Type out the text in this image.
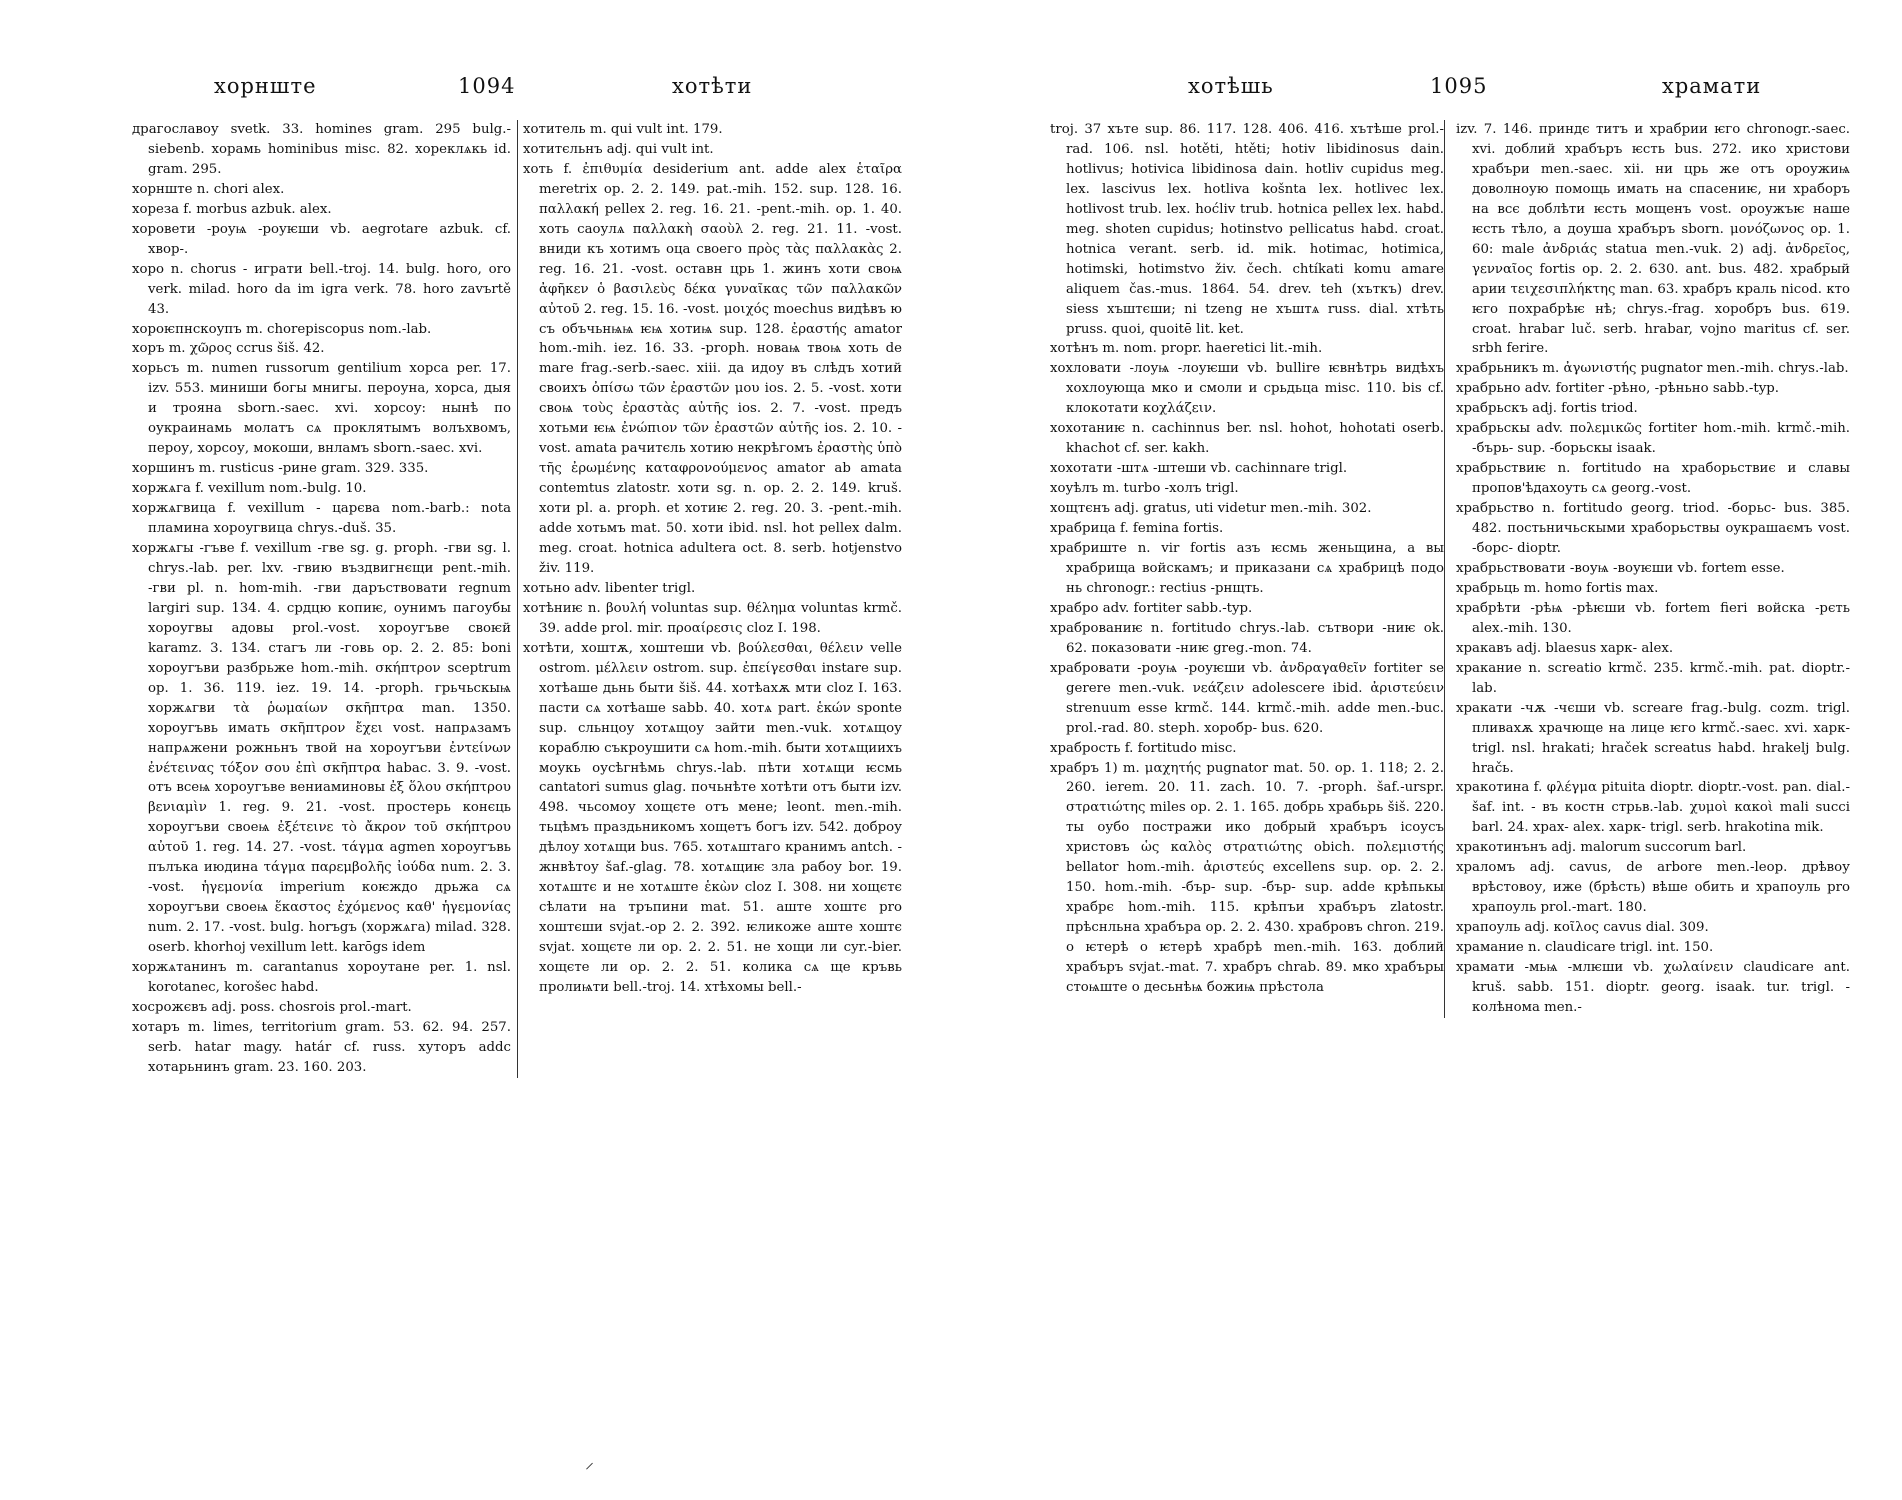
хорнште	1094	хотѣти

драгославоу svetk. 33. homines gram. 295 bulg.-siebenb. хорамь hominibus misc. 82. хореклѧкь id. gram. 295.

хорнште n. chori alex.

хореза f. morbus azbuk. alex.

хоровети -роуѩ -роуѥши vb. aegrotare azbuk. cf. хвор-.

хоро n. chorus - играти bell.-troj. 14. bulg. horo, oro verk. milad. horo da im igra verk. 78. horo zavъrtě 43.

хороѥпнскоупъ m. chorepiscopus nom.-lab.

хоръ m. χῶρος ccrus šiš. 42.

хорьсъ m. numen russorum gentilium хорса per. 17. izv. 553. миниши богы мнигы. пероуна, хорса, дыя и трояна sborn.-saec. xvi. хорсоу: нынѣ по оукраинамь молатъ сѧ проклятымъ волъхвомъ, пероу, хорсоу, мокоши, внламъ sborn.-saec. xvi.

хоршинъ m. rusticus -рине gram. 329. 335.

хоржѧга f. vexillum nom.-bulg. 10.

хоржѧгвица f. vexillum - царєва nom.-barb.: nota пламина хороугвица chrys.-duš. 35.

хоржѧгы -гъве f. vexillum -гве sg. g. proph. -гви sg. l. chrys.-lab. per. lxv. -гвию въздвигнєщи pent.-mih. -гви pl. n. hom-mih. -гви даръствовати regnum largiri sup. 134. 4. срдцю копиѥ, оунимъ пагоубы хороугвы адовы prol.-vost. хороугъве своѥй karamz. 3. 134. стагъ ли -говь op. 2. 2. 85: boni хороугъви разбрьже hom.-mih. σκήπτρον sceptrum op. 1. 36. 119. iez. 19. 14. -proph. грьчьскыѩ хоржѧгви τὰ ῥωμαίων σκῆπτρα man. 1350. хороугъвь имать σκῆπτρον ἔχει vost. напрѧзамъ напрѧжени рожньнъ твой на хороугъви ἐντείνων ἐνέτεινας τόξον σου ἐπὶ σκῆπτρα habac. 3. 9. -vost. отъ всеѩ хороугъве вениаминовы ἐξ ὅλου σκήπτρου βενιαμὶν 1. reg. 9. 21. -vost. простерь конєць хороугъви своеѩ ἐξέτεινε τὸ ἄκρον τοῦ σκήπτρου αὐτοῦ 1. reg. 14. 27. -vost. τάγμα agmen хороугъвь пълъка июдина τάγμα παρεμβολῆς ἰούδα num. 2. 3. -vost. ἡγεμονία imperium коѥждо дрьжа сѧ хороугъви своеѩ ἕκαστος ἐχόμενος καθ' ἡγεμονίας num. 2. 17. -vost. bulg. horъgъ (хоржѧга) milad. 328. oserb. khorhoj vexillum lett. karōgs idem

хоржѧтанинъ m. carantanus хороутане per. 1. nsl. korotanec, korošec habd.

хосрожєвъ adj. poss. chosrois prol.-mart.

хотаръ m. limes, territorium gram. 53. 62. 94. 257. serb. hatar magy. határ cf. russ. хуторъ addc хотарьнинъ gram. 23. 160. 203.

хотитель m. qui vult int. 179.

хотитєльнъ adj. qui vult int.

хоть f. ἐπιθυμία desiderium ant. adde alex ἑταῖρα meretrix op. 2. 2. 149. pat.-mih. 152. sup. 128. 16. παλλακή pellex 2. reg. 16. 21. -pent.-mih. op. 1. 40. хоть саоулѧ παλλακὴ σαοὺλ 2. reg. 21. 11. -vost. вниди къ хотимъ оца своего πρὸς τὰς παλλακὰς 2. reg. 16. 21. -vost. оставн црь 1. жинъ хоти своѩ ἀφῆκεν ὁ βασιλεὺς δέκα γυναῖκας τῶν παλλακῶν αὐτοῦ 2. reg. 15. 16. -vost. μοιχός moechus видѣвъ ю съ объчьнѩѩ ѥѩ хотиѩ sup. 128. ἐραστής amator hom.-mih. iez. 16. 33. -proph. новаѩ твоѩ хоть de mare frag.-serb.-saec. xiii. да идоу въ слѣдъ хотий своихъ ὀπίσω τῶν ἐραστῶν μου ios. 2. 5. -vost. хоти своѩ τοὺς ἐραστὰς αὐτῆς ios. 2. 7. -vost. предъ хотьми ѥѩ ἐνώπιον τῶν ἐραστῶν αὐτῆς ios. 2. 10. -vost. amata рачитєль хотию некрѣгомъ ἐραστὴς ὑπὸ τῆς ἐρωμένης καταφρονούμενος amator ab amata contemtus zlatostr. хоти sg. n. op. 2. 2. 149. kruš. хоти pl. a. proph. et хотиѥ 2. reg. 20. 3. -pent.-mih. adde хотьмъ mat. 50. хоти ibid. nsl. hot pellex dalm. meg. croat. hotnica adultera oct. 8. serb. hotjenstvo živ. 119.

хотьно adv. libenter trigl.

хотѣниѥ n. βουλή voluntas sup. θέλημα voluntas krmč. 39. adde prol. mir. προαίρεσις cloz I. 198.

хотѣти, хоштѫ, хоштеши vb. βούλεσθαι, θέλειν velle ostrom. μέλλειν ostrom. sup. ἐπείγεσθαι instare sup. хотѣаше дьнь быти šiš. 44. хотѣахѫ мти cloz I. 163. пасти сѧ хотѣаше sabb. 40. хотѧ part. ἑκών sponte sup. сльнцоу хотѧщоу зайти men.-vuk. хотѧщоу кораблю съкроушити сѧ hom.-mih. быти хотѧщиихъ моукь оусѣгнѣмь chrys.-lab. пѣти хотѧщи ѥсмь cantatori sumus glag. почьнѣте хотѣти отъ быти izv. 498. чьсомоу хощєте отъ мене; leont. men.-mih. тьцѣмъ праздьникомъ хощетъ богъ izv. 542. доброу дѣлоу хотѧщи bus. 765. хотѧштаго кранимъ antch. - жнвѣтоу šaf.-glag. 78. хотѧщиѥ зла рабоу bor. 19. хотѧштє и не хотѧште ἑκὼν cloz I. 308. ни хощєтє сѣлати на тръпини mat. 51. аште хоштє pro хоштєши svjat.-op 2. 2. 392. ѥликоже аште хоштє svjat. хощєте ли op. 2. 2. 51. не хощи ли cyr.-bier. хощєте ли op. 2. 2. 51. колика сѧ ще кръвь пролиѩти bell.-troj. 14. хтѣхомы bell.-

хотѣшь	1095	храмати

troj. 37 хъте sup. 86. 117. 128. 406. 416. хътѣше prol.-rad. 106. nsl. hotěti, htěti; hotiv libidinosus dain. hotlivus; hotivica libidinosa dain. hotliv cupidus meg. lex. lascivus lex. hotliva košnta lex. hotlivec lex. hotlivost trub. lex. hoćliv trub. hotnica pellex lex. habd. meg. shoten cupidus; hotinstvo pellicatus habd. croat. hotnica verant. serb. id. mik. hotimac, hotimica, hotimski, hotimstvo živ. čech. chtíkati komu amare aliquem čas.-mus. 1864. 54. drev. teh (хъткъ) drev. siess хъштєши; ni tzeng не хъштѧ russ. dial. хтѣть pruss. quoi, quoitē lit. ket.

хотѣнъ m. nom. propr. haeretici lit.-mih.

хохловати -лоуѩ -лоуѥши vb. bullire ѥвнѣтрь видѣхъ хохлоующа мко и смоли и срьдьца misc. 110. bis cf. клокотати κοχλάζειν.

хохотаниѥ n. cachinnus ber. nsl. hohot, hohotati oserb. khachot cf. ser. kakh.

хохотати -штѧ -штеши vb. cachinnare trigl.

хоуѣлъ m. turbo -холъ trigl.

хощтєнъ adj. gratus, uti videtur men.-mih. 302.

храбрица f. femina fortis.

храбриште n. vir fortis азъ ѥсмь женьщина, а вы храбрища войскамъ; и приказани сѧ храбрицѣ подо нь chronogr.: rectius -рнщть.

храбро adv. fortiter sabb.-typ.

храброваниѥ n. fortitudo chrys.-lab. сътвори -ниѥ ok. 62. показовати -ниѥ greg.-mon. 74.

храбровати -роуѩ -роуѥши vb. ἀνδραγαθεῖν fortiter se gerere men.-vuk. νεάζειν adolescere ibid. ἀριστεύειν strenuum esse krmč. 144. krmč.-mih. adde men.-buc. prol.-rad. 80. steph. хоробр- bus. 620.

храбрость f. fortitudo misc.

храбръ 1) m. μαχητής pugnator mat. 50. op. 1. 118; 2. 2. 260. ierem. 20. 11. zach. 10. 7. -proph. šaf.-urspr. στρατιώτης miles op. 2. 1. 165. добрь храбьрь šiš. 220. ты оубо постражи ико добрый храбъръ ісоусъ христовъ ὡς καλὸς στρατιώτης obich. πολεμιστής bellator hom.-mih. ἀριστεύς excellens sup. op. 2. 2. 150. hom.-mih. -бър- sup. -бър- sup. adde крѣпькы храбрє hom.-mih. 115. крѣпъи храбъръ zlatostr. прѣснльна храбъра op. 2. 2. 430. храбровъ chron. 219. о ѥтерѣ о ѥтерѣ храбрѣ men.-mih. 163. доблий храбъръ svjat.-mat. 7. храбръ chrab. 89. мко храбъры стоѩште о десьнѣѩ божиѩ прѣстола

izv. 7. 146. приндє титъ и храбрии ѥго chronogr.-saec. xvi. доблий храбъръ ѥсть bus. 272. ико христови храбъри men.-saec. xii. ни црь же отъ ороужиѩ доволноую помощь имать на спасениѥ, ни храборъ на всє доблѣти ѥсть мощенъ vost. ороужъѥ наше ѥсть тѣло, а доуша храбъръ sborn. μονόζωνος op. 1. 60: male ἀνδριάς statua men.-vuk. 2) adj. ἀνδρεῖος, γενναῖος fortis op. 2. 2. 630. ant. bus. 482. храбрый арии τειχεσιπλήκτης man. 63. храбръ краль nicod. кто ѥго похрабрѣѥ нѣ; chrys.-frag. хоробръ bus. 619. croat. hrabar luč. serb. hrabar, vojno maritus cf. ser. srbh ferire.

храбрьникъ m. ἀγωνιστής pugnator men.-mih. chrys.-lab.

храбрьно adv. fortiter -рѣно, -рѣньно sabb.-typ.

храбрьскъ adj. fortis triod.

храбрьскы adv. πολεμικῶς fortiter hom.-mih. krmč.-mih. -бърь- sup. -борьскы isaak.

храбрьствиѥ n. fortitudo на храборьствиє и славы пропов'ѣдахоуть сѧ georg.-vost.

храбрьство n. fortitudo georg. triod. -борьс- bus. 385. 482. постьничьскыми храборьствы оукрашаємъ vost. -борс- dioptr.

храбрьствовати -воуѩ -воуѥши vb. fortem esse.

храбрьць m. homo fortis max.

храбрѣти -рѣѩ -рѣѥши vb. fortem fieri войска -рєть alex.-mih. 130.

хракавъ adj. blaesus харк- alex.

хракание n. screatio krmč. 235. krmč.-mih. pat. dioptr.-lab.

хракати -чѫ -чєши vb. screare frag.-bulg. cozm. trigl. пливахѫ храчюще на лице ѥго krmč.-saec. xvi. харк- trigl. nsl. hrakati; hraček screatus habd. hrakelj bulg. hrаčь.

хракотина f. φλέγμα pituita dioptr. dioptr.-vost. pan. dial.-šaf. int. - въ костн стрьв.-lab. χυμοὶ κακοὶ mali succi barl. 24. храх- alex. харк- trigl. serb. hrakotina mik.

хракотинънъ adj. malorum succorum barl.

храломъ adj. cavus, de arbore men.-leop. дрѣвоу врѣстовоу, иже (брѣсть) вѣше обить и храпоуль pro храпоуль prol.-mart. 180.

храпоуль adj. κοῖλος cavus dial. 309.

храмание n. claudicare trigl. int. 150.

храмати -мьѩ -млѥши vb. χωλαίνειν claudicare ant. kruš. sabb. 151. dioptr. georg. isaak. tur. trigl. - колѣнома men.-

⸝
